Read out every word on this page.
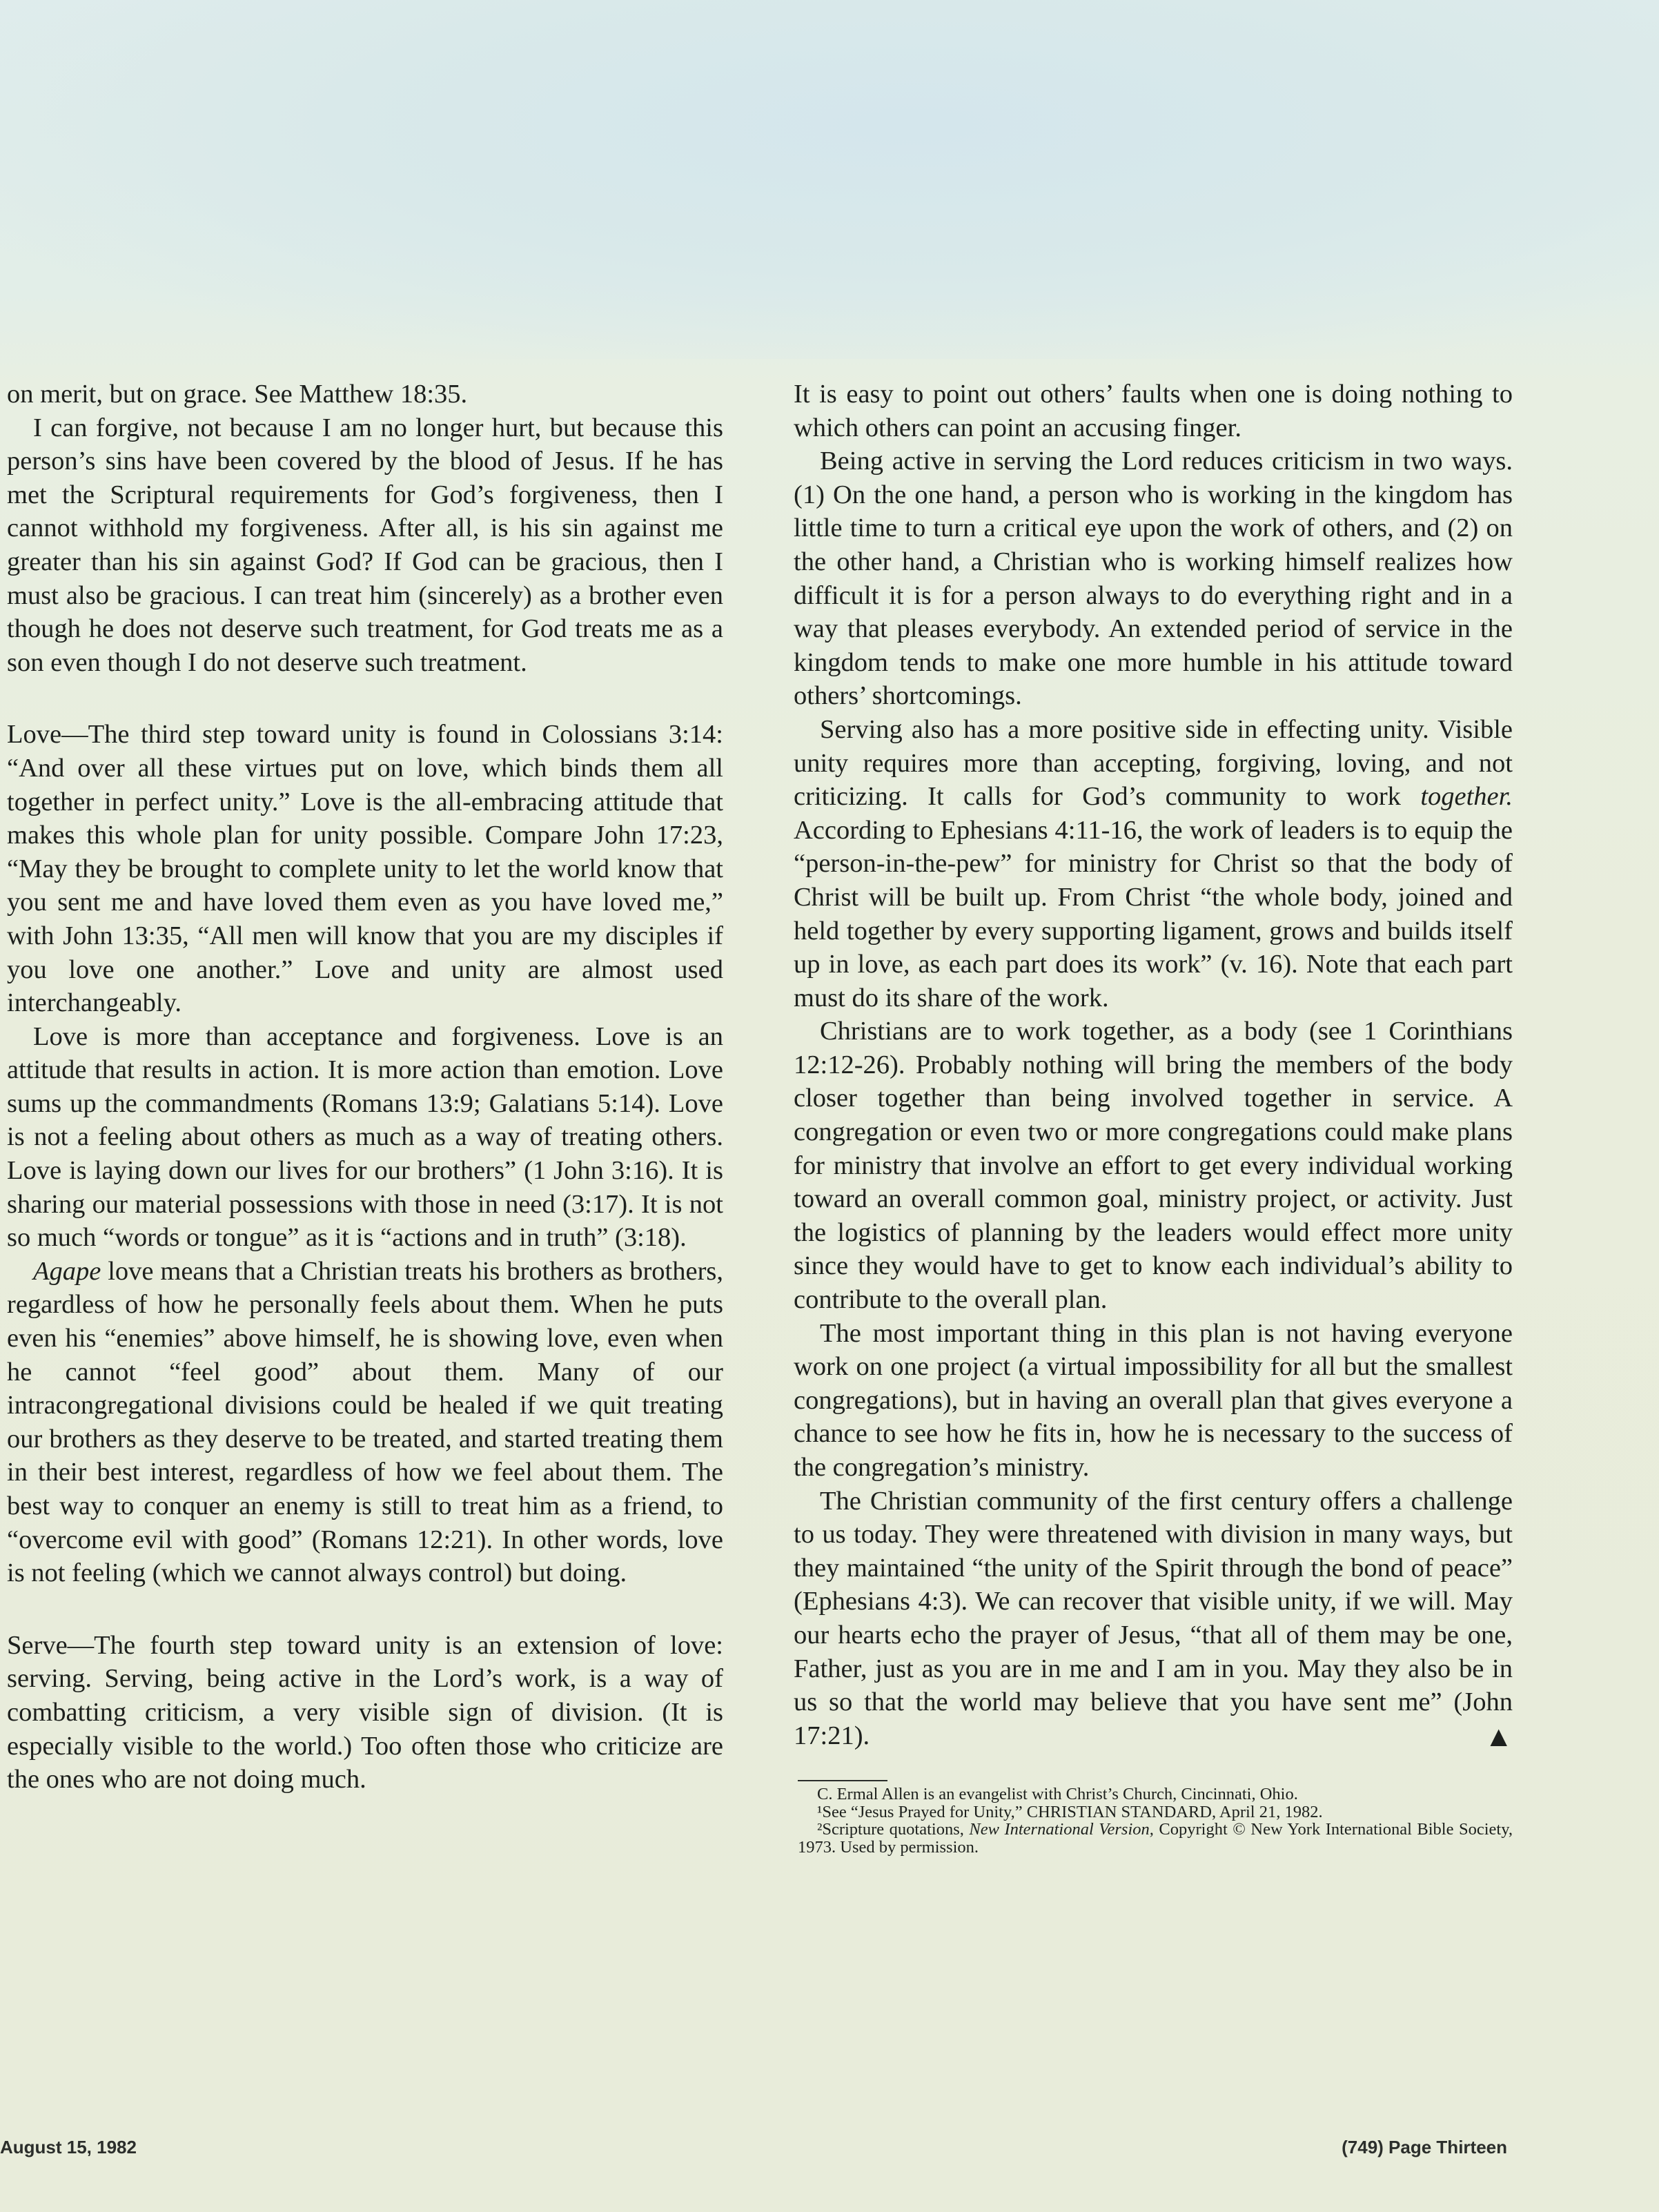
on merit, but on grace. See Matthew 18:35.

I can forgive, not because I am no longer hurt, but because this person’s sins have been covered by the blood of Jesus. If he has met the Scriptural requirements for God’s forgiveness, then I cannot withhold my forgiveness. After all, is his sin against me greater than his sin against God? If God can be gracious, then I must also be gracious. I can treat him (sincerely) as a brother even though he does not deserve such treatment, for God treats me as a son even though I do not deserve such treatment.

Love—The third step toward unity is found in Colossians 3:14: “And over all these virtues put on love, which binds them all together in perfect unity.” Love is the all-embracing attitude that makes this whole plan for unity possible. Compare John 17:23, “May they be brought to complete unity to let the world know that you sent me and have loved them even as you have loved me,” with John 13:35, “All men will know that you are my disciples if you love one another.” Love and unity are almost used interchangeably.

Love is more than acceptance and forgiveness. Love is an attitude that results in action. It is more action than emotion. Love sums up the commandments (Romans 13:9; Galatians 5:14). Love is not a feeling about others as much as a way of treating others. Love is laying down our lives for our brothers” (1 John 3:16). It is sharing our material possessions with those in need (3:17). It is not so much “words or tongue” as it is “actions and in truth” (3:18).

Agape love means that a Christian treats his brothers as brothers, regardless of how he personally feels about them. When he puts even his “enemies” above himself, he is showing love, even when he cannot “feel good” about them. Many of our intracongregational divisions could be healed if we quit treating our brothers as they deserve to be treated, and started treating them in their best interest, regardless of how we feel about them. The best way to conquer an enemy is still to treat him as a friend, to “overcome evil with good” (Romans 12:21). In other words, love is not feeling (which we cannot always control) but doing.

Serve—The fourth step toward unity is an extension of love: serving. Serving, being active in the Lord’s work, is a way of combatting criticism, a very visible sign of division. (It is especially visible to the world.) Too often those who criticize are the ones who are not doing much.

It is easy to point out others’ faults when one is doing nothing to which others can point an accusing finger.

Being active in serving the Lord reduces criticism in two ways. (1) On the one hand, a person who is working in the kingdom has little time to turn a critical eye upon the work of others, and (2) on the other hand, a Christian who is working himself realizes how difficult it is for a person always to do everything right and in a way that pleases everybody. An extended period of service in the kingdom tends to make one more humble in his attitude toward others’ shortcomings.

Serving also has a more positive side in effecting unity. Visible unity requires more than accepting, forgiving, loving, and not criticizing. It calls for God’s community to work together. According to Ephesians 4:11-16, the work of leaders is to equip the “person-in-the-pew” for ministry for Christ so that the body of Christ will be built up. From Christ “the whole body, joined and held together by every supporting ligament, grows and builds itself up in love, as each part does its work” (v. 16). Note that each part must do its share of the work.

Christians are to work together, as a body (see 1 Corinthians 12:12-26). Probably nothing will bring the members of the body closer together than being involved together in service. A congregation or even two or more congregations could make plans for ministry that involve an effort to get every individual working toward an overall common goal, ministry project, or activity. Just the logistics of planning by the leaders would effect more unity since they would have to get to know each individual’s ability to contribute to the overall plan.

The most important thing in this plan is not having everyone work on one project (a virtual impossibility for all but the smallest congregations), but in having an overall plan that gives everyone a chance to see how he fits in, how he is necessary to the success of the congregation’s ministry.

The Christian community of the first century offers a challenge to us today. They were threatened with division in many ways, but they maintained “the unity of the Spirit through the bond of peace” (Ephesians 4:3). We can recover that visible unity, if we will. May our hearts echo the prayer of Jesus, “that all of them may be one, Father, just as you are in me and I am in you. May they also be in us so that the world may believe that you have sent me” (John 17:21).	▲

C. Ermal Allen is an evangelist with Christ’s Church, Cincinnati, Ohio.

¹See “Jesus Prayed for Unity,” CHRISTIAN STANDARD, April 21, 1982.

²Scripture quotations, New International Version, Copyright © New York International Bible Society, 1973. Used by permission.

August 15, 1982	(749) Page Thirteen
